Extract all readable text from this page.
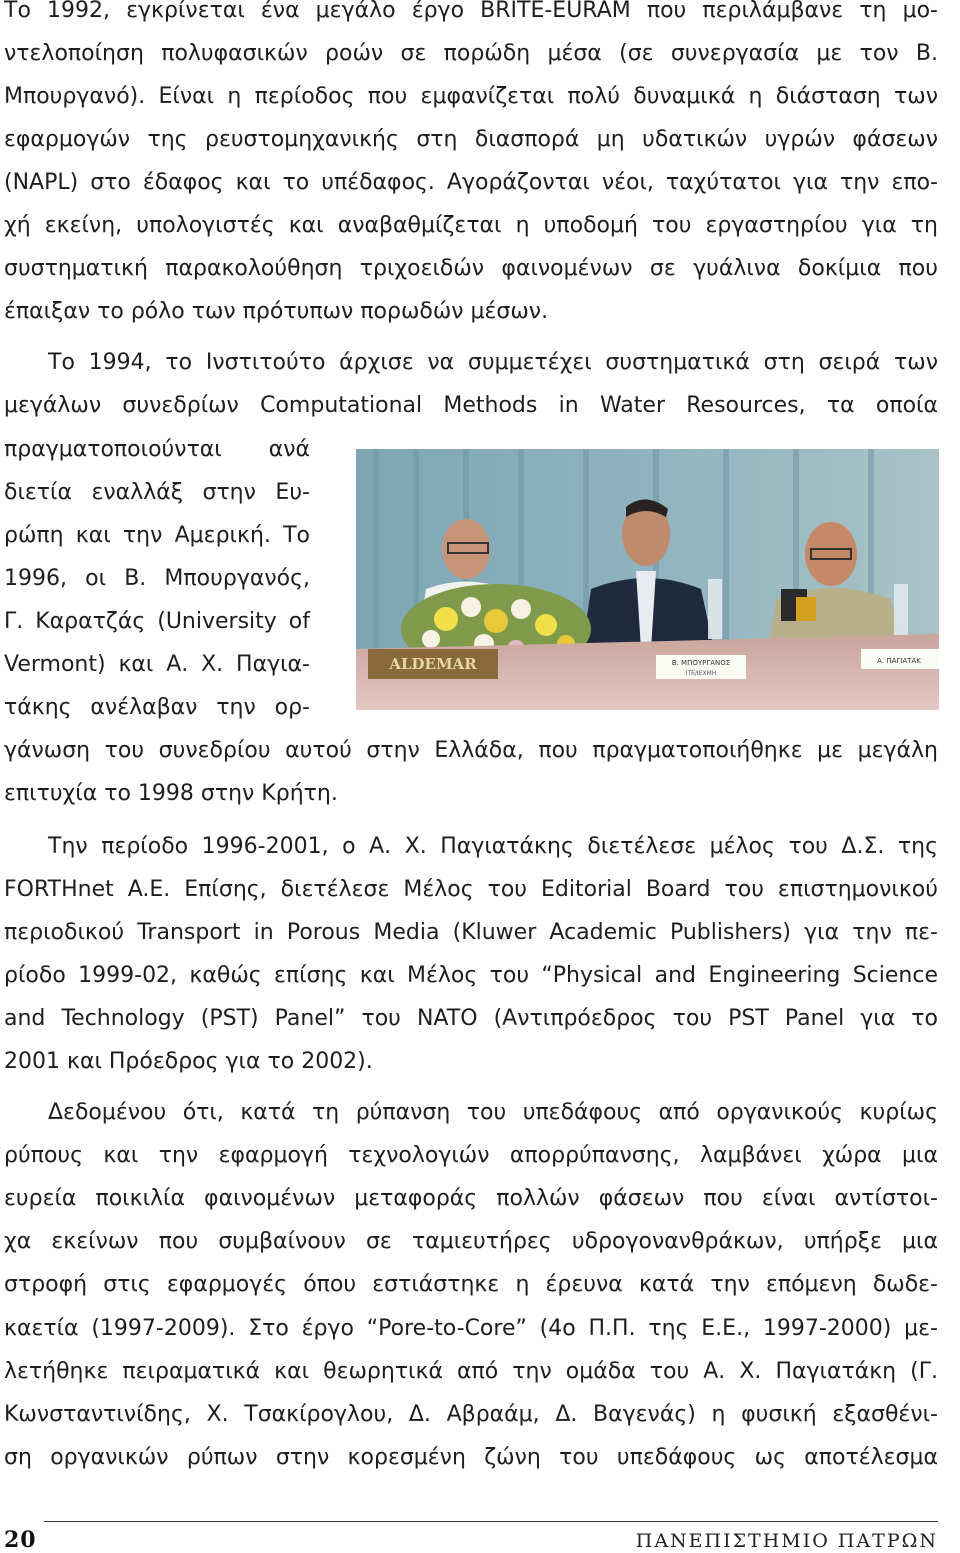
Το 1992, εγκρίνεται ένα μεγάλο έργο BRITE-EURAM που περιλάμβανε τη μο-
ντελοποίηση πολυφασικών ροών σε πορώδη μέσα (σε συνεργασία με τον Β.
Μπουργανό). Είναι η περίοδος που εμφανίζεται πολύ δυναμικά η διάσταση των
εφαρμογών της ρευστομηχανικής στη διασπορά μη υδατικών υγρών φάσεων
(NAPL) στο έδαφος και το υπέδαφος. Αγοράζονται νέοι, ταχύτατοι για την επο-
χή εκείνη, υπολογιστές και αναβαθμίζεται η υποδομή του εργαστηρίου για τη
συστηματική παρακολούθηση τριχοειδών φαινομένων σε γυάλινα δοκίμια που
έπαιξαν το ρόλο των πρότυπων πορωδών μέσων.
Το 1994, το Ινστιτούτο άρχισε να συμμετέχει συστηματικά στη σειρά των
μεγάλων συνεδρίων Computational Methods in Water Resources, τα οποία
πραγματοποιούνται ανά
διετία εναλλάξ στην Ευ-
ρώπη και την Αμερική. Το
1996, οι Β. Μπουργανός,
Γ. Καρατζάς (University of
Vermont) και Α. Χ. Παγια-
τάκης ανέλαβαν την ορ-
γάνωση του συνεδρίου αυτού στην Ελλάδα, που πραγματοποιήθηκε με μεγάλη
επιτυχία το 1998 στην Κρήτη.
ALDEMAR	Β. ΜΠΟΥΡΓΑΝΟΣ
ΙΤΕ/ΙΕΧΜΗ
Α. ΠΑΓΙΑΤΑΚ
Την περίοδο 1996-2001, ο Α. Χ. Παγιατάκης διετέλεσε μέλος του Δ.Σ. της
FORTHnet A.E. Επίσης, διετέλεσε Μέλος του Editorial Board του επιστημονικού
περιοδικού Transport in Porous Media (Kluwer Academic Publishers) για την πε-
ρίοδο 1999-02, καθώς επίσης και Μέλος του “Physical and Engineering Science
and Technology (PST) Panel” του NATO (Αντιπρόεδρος του PST Panel για το
2001 και Πρόεδρος για το 2002).
Δεδομένου ότι, κατά τη ρύπανση του υπεδάφους από οργανικούς κυρίως
ρύπους και την εφαρμογή τεχνολογιών απορρύπανσης, λαμβάνει χώρα μια
ευρεία ποικιλία φαινομένων μεταφοράς πολλών φάσεων που είναι αντίστοι-
χα εκείνων που συμβαίνουν σε ταμιευτήρες υδρογονανθράκων, υπήρξε μια
στροφή στις εφαρμογές όπου εστιάστηκε η έρευνα κατά την επόμενη δωδε-
καετία (1997-2009). Στο έργο “Pore-to-Core” (4ο Π.Π. της Ε.Ε., 1997-2000) με-
λετήθηκε πειραματικά και θεωρητικά από την ομάδα του Α. Χ. Παγιατάκη (Γ.
Κωνσταντινίδης, Χ. Τσακίρογλου, Δ. Αβραάμ, Δ. Βαγενάς) η φυσική εξασθένι-
ση οργανικών ρύπων στην κορεσμένη ζώνη του υπεδάφους ως αποτέλεσμα
20	ΠΑΝΕΠΙΣΤΗΜΙΟ ΠΑΤΡΩΝ
